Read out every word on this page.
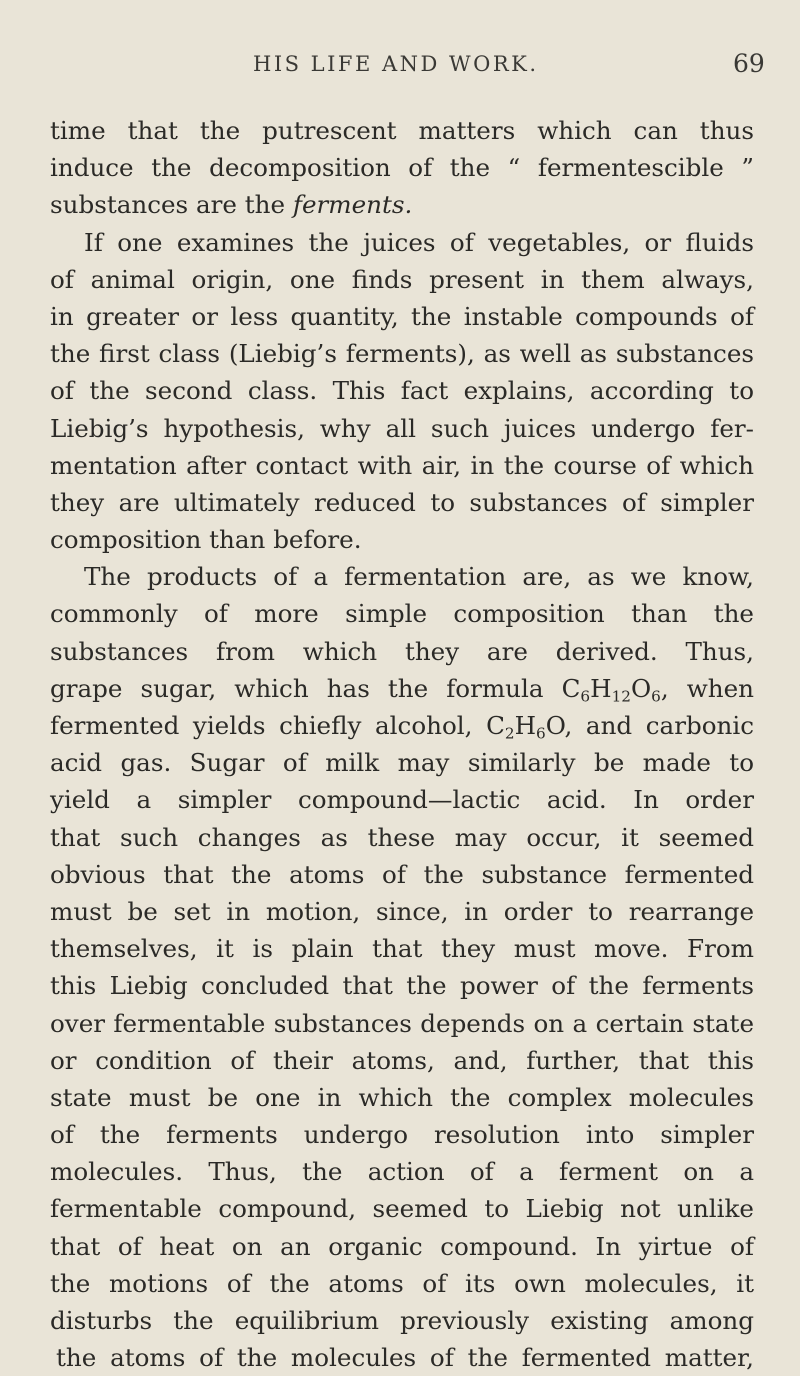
HIS LIFE AND WORK.	69
time that the putrescent matters which can thus
induce the decomposition of the “ fermentescible ”
substances are the ferments.
If one examines the juices of vegetables, or fluids
of animal origin, one finds present in them always,
in greater or less quantity, the instable compounds of
the first class (Liebig’s ferments), as well as substances
of the second class. This fact explains, according to
Liebig’s hypothesis, why all such juices undergo fer-
mentation after contact with air, in the course of which
they are ultimately reduced to substances of simpler
composition than before.
The products of a fermentation are, as we know,
commonly of more simple composition than the
substances from which they are derived. Thus,
grape sugar, which has the formula $C_6H_{12}O_6$, when
fermented yields chiefly alcohol, $C_2H_6O$, and carbonic
acid gas. Sugar of milk may similarly be made to
yield a simpler compound—lactic acid. In order
that such changes as these may occur, it seemed
obvious that the atoms of the substance fermented
must be set in motion, since, in order to rearrange
themselves, it is plain that they must move. From
this Liebig concluded that the power of the ferments
over fermentable substances depends on a certain state
or condition of their atoms, and, further, that this
state must be one in which the complex molecules
of the ferments undergo resolution into simpler
molecules. Thus, the action of a ferment on a
fermentable compound, seemed to Liebig not unlike
that of heat on an organic compound. In yirtue of
the motions of the atoms of its own molecules, it
disturbs the equilibrium previously existing among
the atoms of the molecules of the fermented matter,
